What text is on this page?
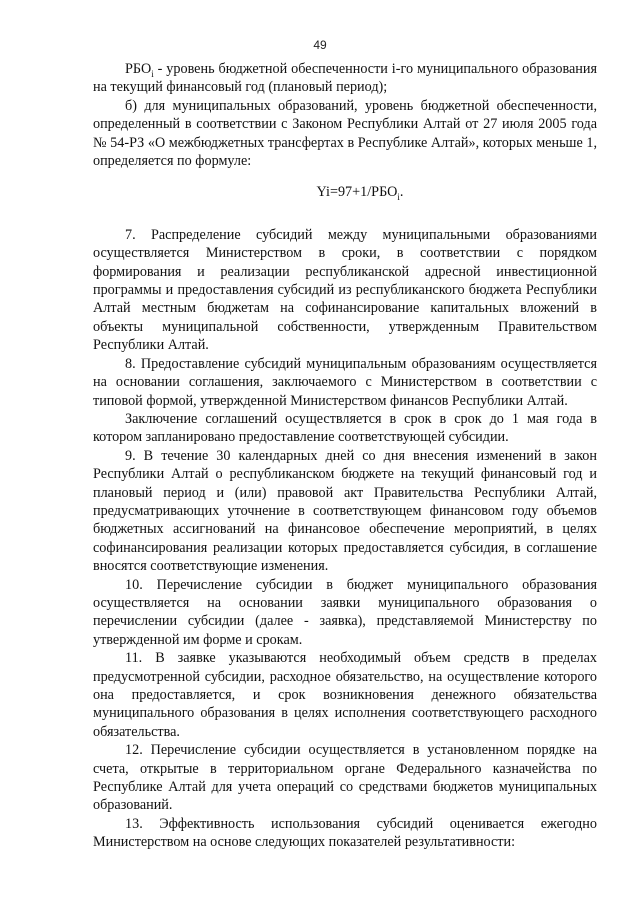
49

$РБО_i$ - уровень бюджетной обеспеченности i-го муниципального образования на текущий финансовый год (плановый период);

б) для муниципальных образований, уровень бюджетной обеспеченности, определенный в соответствии с Законом Республики Алтай от 27 июля 2005 года № 54-РЗ «О межбюджетных трансфертах в Республике Алтай», которых меньше 1, определяется по формуле:

$Yi=97+1/РБО_i$.

7. Распределение субсидий между муниципальными образованиями осуществляется Министерством в сроки, в соответствии с порядком формирования и реализации республиканской адресной инвестиционной программы и предоставления субсидий из республиканского бюджета Республики Алтай местным бюджетам на софинансирование капитальных вложений в объекты муниципальной собственности, утвержденным Правительством Республики Алтай.

8. Предоставление субсидий муниципальным образованиям осуществляется на основании соглашения, заключаемого с Министерством в соответствии с типовой формой, утвержденной Министерством финансов Республики Алтай.

Заключение соглашений осуществляется в срок в срок до 1 мая года в котором запланировано предоставление соответствующей субсидии.

9. В течение 30 календарных дней со дня внесения изменений в закон Республики Алтай о республиканском бюджете на текущий финансовый год и плановый период и (или) правовой акт Правительства Республики Алтай, предусматривающих уточнение в соответствующем финансовом году объемов бюджетных ассигнований на финансовое обеспечение мероприятий, в целях софинансирования реализации которых предоставляется субсидия, в соглашение вносятся соответствующие изменения.

10. Перечисление субсидии в бюджет муниципального образования осуществляется на основании заявки муниципального образования о перечислении субсидии (далее - заявка), представляемой Министерству по утвержденной им форме и срокам.

11. В заявке указываются необходимый объем средств в пределах предусмотренной субсидии, расходное обязательство, на осуществление которого она предоставляется, и срок возникновения денежного обязательства муниципального образования в целях исполнения соответствующего расходного обязательства.

12. Перечисление субсидии осуществляется в установленном порядке на счета, открытые в территориальном органе Федерального казначейства по Республике Алтай для учета операций со средствами бюджетов муниципальных образований.

13. Эффективность использования субсидий оценивается ежегодно Министерством на основе следующих показателей результативности:
